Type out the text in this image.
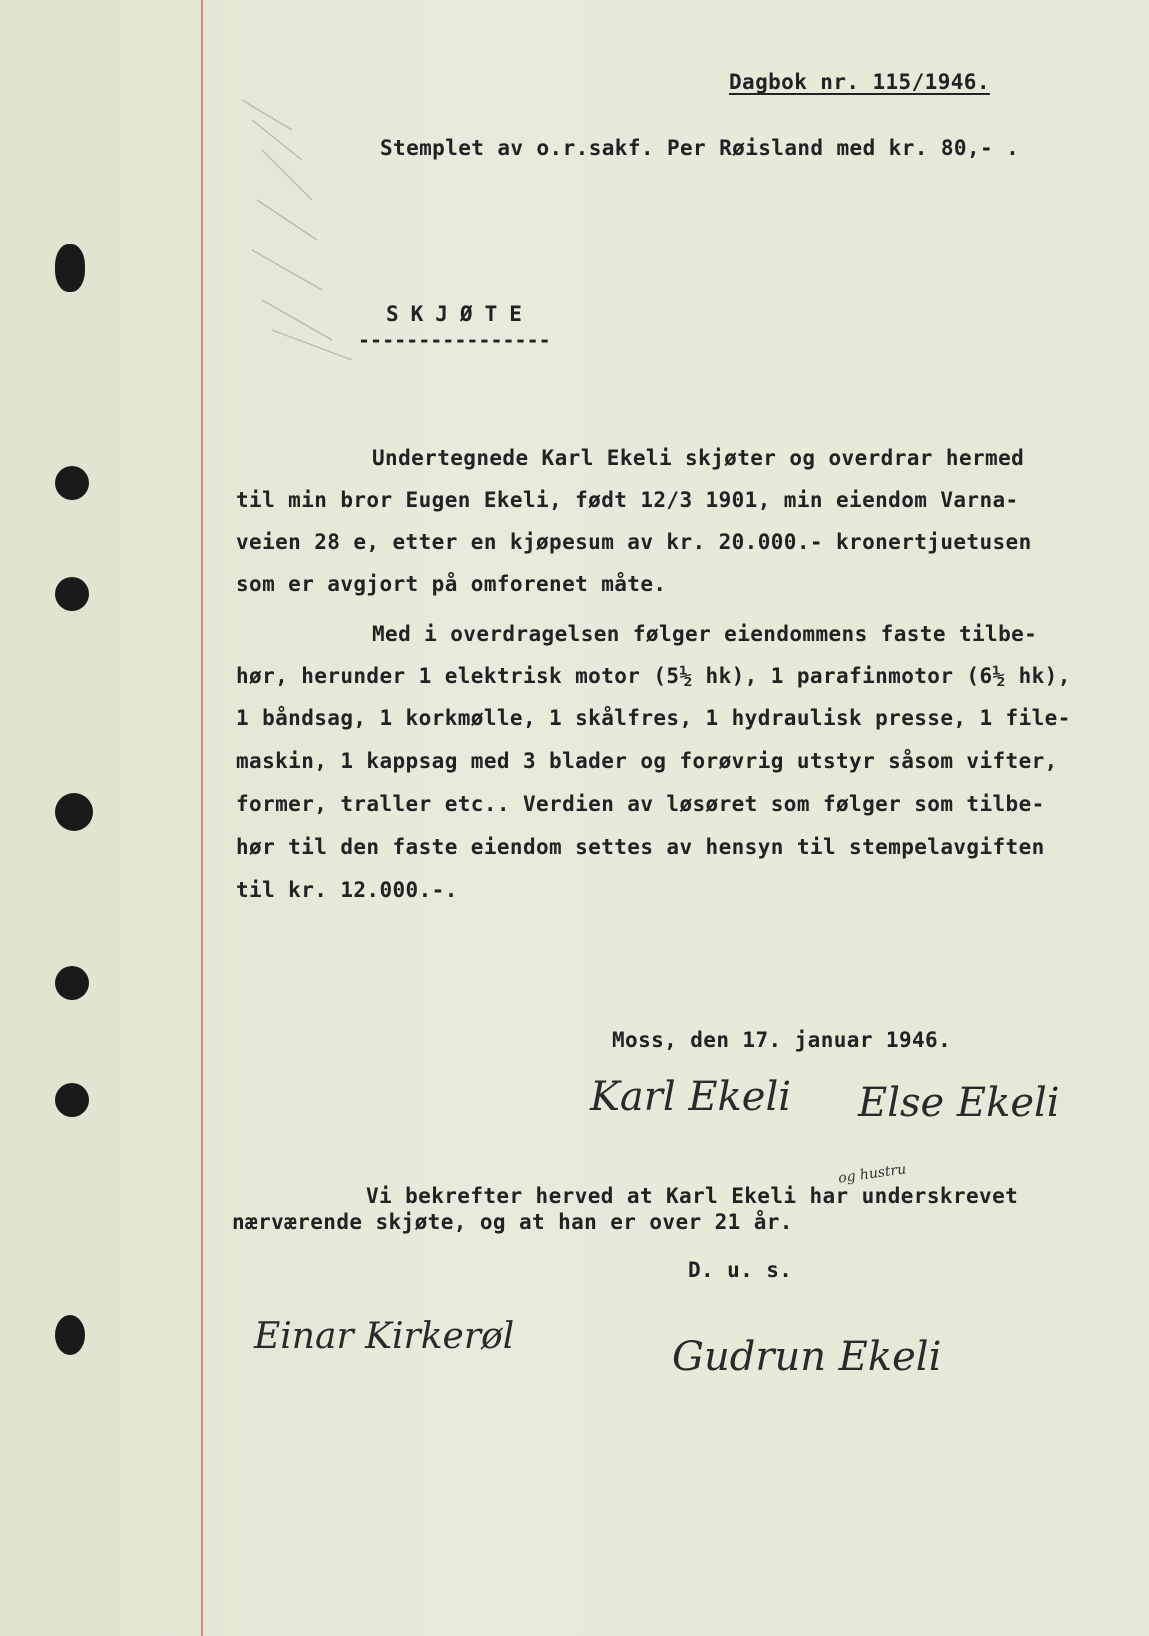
Dagbok nr. 115/1946.
Stemplet av o.r.sakf. Per Røisland med kr. 80,- .
SKJØTE
----------------
Undertegnede Karl Ekeli skjøter og overdrar hermed
til min bror Eugen Ekeli, født 12/3 1901, min eiendom Varna-
veien 28 e, etter en kjøpesum av kr. 20.000.- kronertjuetusen
som er avgjort på omforenet måte.
Med i overdragelsen følger eiendommens faste tilbe-
hør, herunder 1 elektrisk motor (5½ hk), 1 parafinmotor (6½ hk),
1 båndsag, 1 korkmølle, 1 skålfres, 1 hydraulisk presse, 1 file-
maskin, 1 kappsag med 3 blader og forøvrig utstyr såsom vifter,
former, traller etc.. Verdien av løsøret som følger som tilbe-
hør til den faste eiendom settes av hensyn til stempelavgiften
til kr. 12.000.-.
Moss, den 17. januar 1946.
Karl Ekeli Else Ekeli
og hustru
Vi bekrefter herved at Karl Ekeli har underskrevet
nærværende skjøte, og at han er over 21 år.
D. u. s.
Einar Kirkerøl	Gudrun Ekeli
